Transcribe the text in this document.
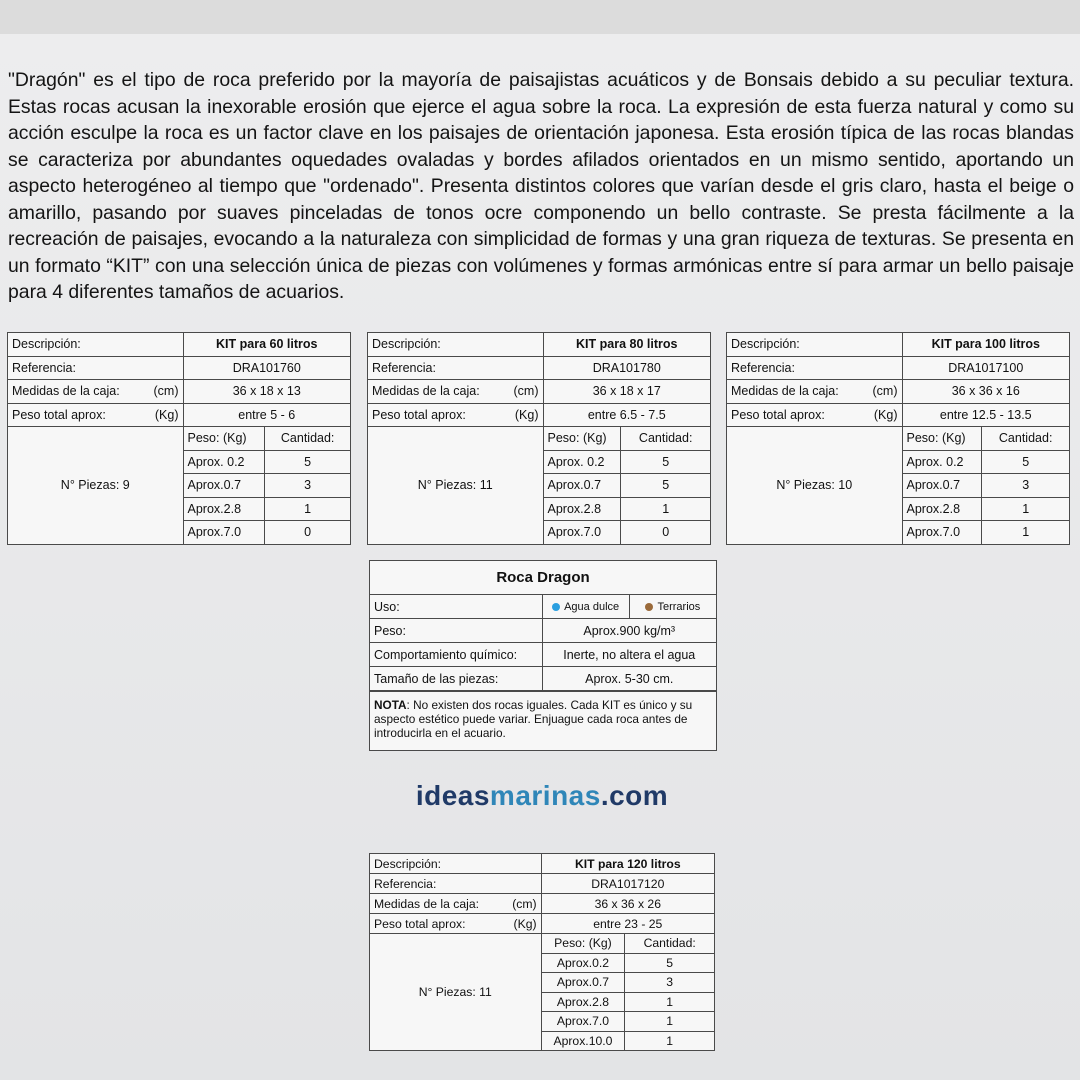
"Dragón" es el tipo de roca preferido por la mayoría de paisajistas acuáticos y de Bonsais debido a su peculiar textura. Estas rocas acusan la inexorable erosión que ejerce el agua sobre la roca. La expresión de esta fuerza natural y como su acción esculpe la roca es un factor clave en los paisajes de orientación japonesa. Esta erosión típica de las rocas blandas se caracteriza por abundantes oquedades ovaladas y bordes afilados orientados en un mismo sentido, aportando un aspecto heterogéneo al tiempo que "ordenado". Presenta distintos colores que varían desde el gris claro, hasta el beige o amarillo, pasando por suaves pinceladas de tonos ocre componendo un bello contraste. Se presta fácilmente a la recreación de paisajes, evocando a la naturaleza con simplicidad de formas y una gran riqueza de texturas. Se presenta en un formato “KIT” con una selección única de piezas con volúmenes y formas armónicas entre sí para armar un bello paisaje para 4 diferentes tamaños de acuarios.

Descripción:	KIT para 60 litros	
Referencia:	DRA101760	

Medidas de la caja: (cm)	36 x 18 x 13	

Peso total aprox: (Kg)	entre 5 - 6	
N° Piezas: 9	Peso: (Kg)	Cantidad:
	Aprox. 0.2	5
	Aprox.0.7	3
	Aprox.2.8	1
	Aprox.7.0	0
Descripción:	KIT para 80 litros	
Referencia:	DRA101780	

Medidas de la caja: (cm)	36 x 18 x 17	

Peso total aprox: (Kg)	entre 6.5 - 7.5	
N° Piezas: 11	Peso: (Kg)	Cantidad:
	Aprox. 0.2	5
	Aprox.0.7	5
	Aprox.2.8	1
	Aprox.7.0	0
Descripción:	KIT para 100 litros	
Referencia:	DRA1017100	

Medidas de la caja: (cm)	36 x 36 x 16	

Peso total aprox: (Kg)	entre 12.5 - 13.5	
N° Piezas: 10	Peso: (Kg)	Cantidad:
	Aprox. 0.2	5
	Aprox.0.7	3
	Aprox.2.8	1
	Aprox.7.0	1
Roca Dragon
Uso:	Agua dulce Terrarios

Peso:	Aprox.900 kg/m³
Comportamiento químico:	Inerte, no altera el agua
Tamaño de las piezas:	Aprox. 5-30 cm.
NOTA: No existen dos rocas iguales. Cada KIT es único y su aspecto estético puede variar. Enjuague cada roca antes de introducirla en el acuario.
ideasmarinas.com
Descripción:	KIT para 120 litros	
Referencia:	DRA1017120	

Medidas de la caja: (cm)	36 x 36 x 26	

Peso total aprox: (Kg)	entre 23 - 25	
N° Piezas: 11	Peso: (Kg)	Cantidad:
	Aprox.0.2	5
	Aprox.0.7	3
	Aprox.2.8	1
	Aprox.7.0	1
	Aprox.10.0	1
